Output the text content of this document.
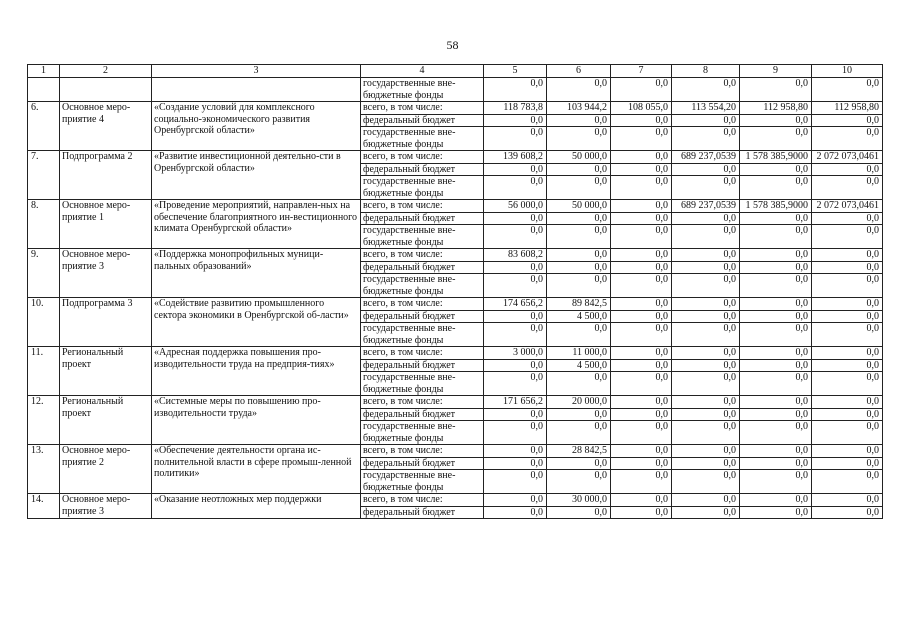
58
1	2	3	4	5	6	7	8	9	10
			государственные вне-бюджетные фонды	0,0	0,0	0,0	0,0	0,0	0,0
6.	Основное меро-приятие 4	«Создание условий для комплексного социально-экономического развития Оренбургской области»	всего, в том числе:	118 783,8	103 944,2	108 055,0	113 554,20	112 958,80	112 958,80
			федеральный бюджет	0,0	0,0	0,0	0,0	0,0	0,0
			государственные вне-бюджетные фонды	0,0	0,0	0,0	0,0	0,0	0,0
7.	Подпрограмма 2	«Развитие инвестиционной деятельно-сти в Оренбургской области»	всего, в том числе:	139 608,2	50 000,0	0,0	689 237,0539	1 578 385,9000	2 072 073,0461
			федеральный бюджет	0,0	0,0	0,0	0,0	0,0	0,0
			государственные вне-бюджетные фонды	0,0	0,0	0,0	0,0	0,0	0,0
8.	Основное меро-приятие 1	«Проведение мероприятий, направлен-ных на обеспечение благоприятного ин-вестиционного климата Оренбургской области»	всего, в том числе:	56 000,0	50 000,0	0,0	689 237,0539	1 578 385,9000	2 072 073,0461
			федеральный бюджет	0,0	0,0	0,0	0,0	0,0	0,0
			государственные вне-бюджетные фонды	0,0	0,0	0,0	0,0	0,0	0,0
9.	Основное меро-приятие 3	«Поддержка монопрофильных муници-пальных образований»	всего, в том числе:	83 608,2	0,0	0,0	0,0	0,0	0,0
			федеральный бюджет	0,0	0,0	0,0	0,0	0,0	0,0
			государственные вне-бюджетные фонды	0,0	0,0	0,0	0,0	0,0	0,0
10.	Подпрограмма 3	«Содействие развитию промышленного сектора экономики в Оренбургской об-ласти»	всего, в том числе:	174 656,2	89 842,5	0,0	0,0	0,0	0,0
			федеральный бюджет	0,0	4 500,0	0,0	0,0	0,0	0,0
			государственные вне-бюджетные фонды	0,0	0,0	0,0	0,0	0,0	0,0
11.	Региональный проект	«Адресная поддержка повышения про-изводительности труда на предприя-тиях»	всего, в том числе:	3 000,0	11 000,0	0,0	0,0	0,0	0,0
			федеральный бюджет	0,0	4 500,0	0,0	0,0	0,0	0,0
			государственные вне-бюджетные фонды	0,0	0,0	0,0	0,0	0,0	0,0
12.	Региональный проект	«Системные меры по повышению про-изводительности труда»	всего, в том числе:	171 656,2	20 000,0	0,0	0,0	0,0	0,0
			федеральный бюджет	0,0	0,0	0,0	0,0	0,0	0,0
			государственные вне-бюджетные фонды	0,0	0,0	0,0	0,0	0,0	0,0
13.	Основное меро-приятие 2	«Обеспечение деятельности органа ис-полнительной власти в сфере промыш-ленной политики»	всего, в том числе:	0,0	28 842,5	0,0	0,0	0,0	0,0
			федеральный бюджет	0,0	0,0	0,0	0,0	0,0	0,0
			государственные вне-бюджетные фонды	0,0	0,0	0,0	0,0	0,0	0,0
14.	Основное меро-приятие 3	«Оказание неотложных мер поддержки	всего, в том числе:	0,0	30 000,0	0,0	0,0	0,0	0,0
			федеральный бюджет	0,0	0,0	0,0	0,0	0,0	0,0
